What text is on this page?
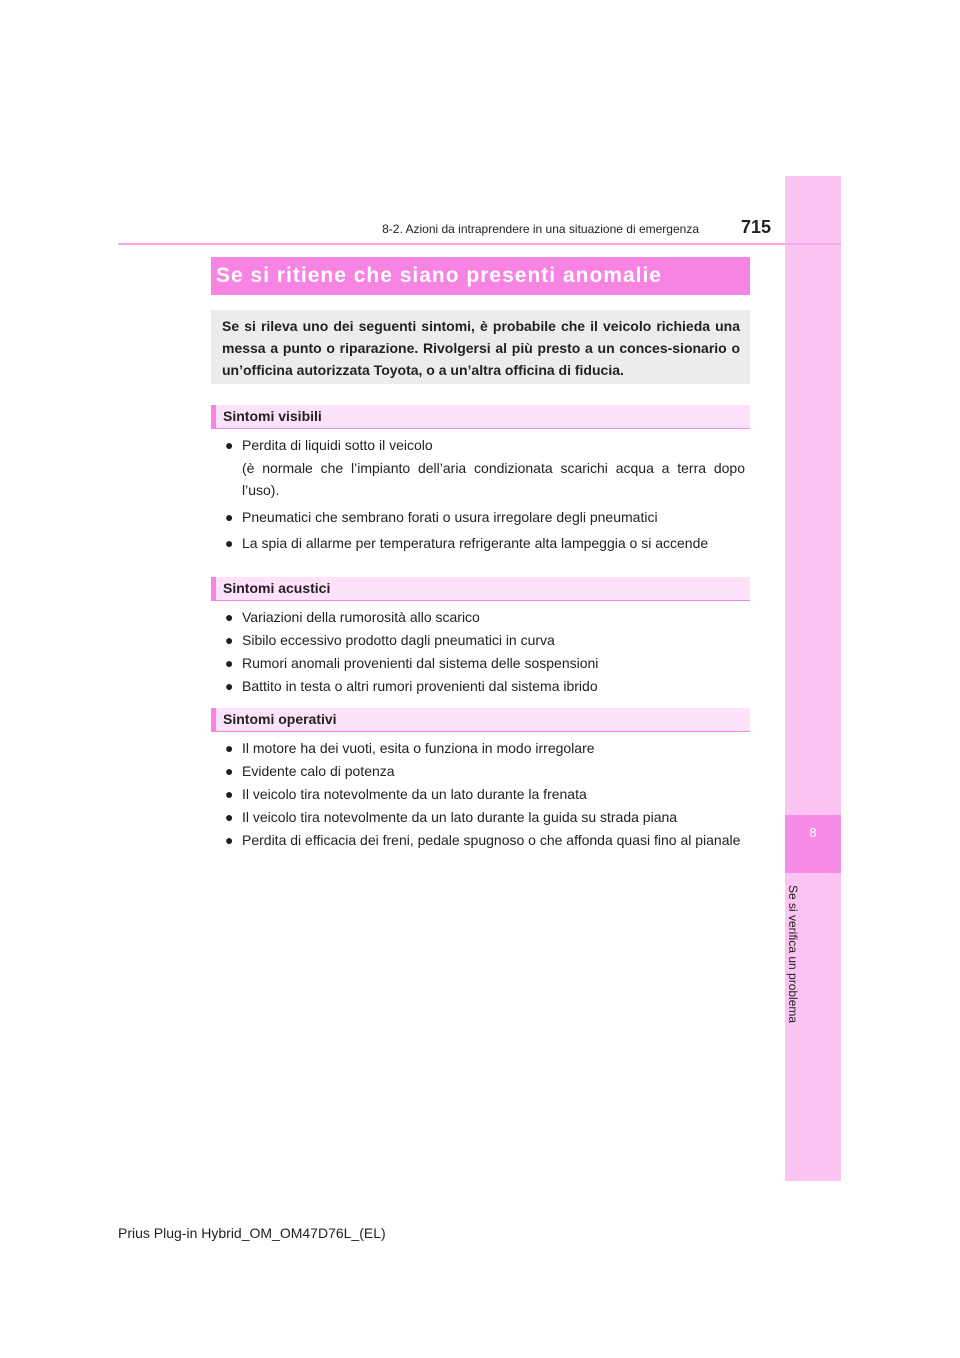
8
Se si verifica un problema
8-2. Azioni da intraprendere in una situazione di emergenza 715
Se si ritiene che siano presenti anomalie
Se si rileva uno dei seguenti sintomi, è probabile che il veicolo richieda una messa a punto o riparazione. Rivolgersi al più presto a un conces-sionario o un’officina autorizzata Toyota, o a un’altra officina di fiducia.
Sintomi visibili
● Perdita di liquidi sotto il veicolo
(è normale che l’impianto dell’aria condizionata scarichi acqua a terra dopo l’uso).
● Pneumatici che sembrano forati o usura irregolare degli pneumatici
● La spia di allarme per temperatura refrigerante alta lampeggia o si accende
Sintomi acustici
● Variazioni della rumorosità allo scarico
● Sibilo eccessivo prodotto dagli pneumatici in curva
● Rumori anomali provenienti dal sistema delle sospensioni
● Battito in testa o altri rumori provenienti dal sistema ibrido
Sintomi operativi
● Il motore ha dei vuoti, esita o funziona in modo irregolare
● Evidente calo di potenza
● Il veicolo tira notevolmente da un lato durante la frenata
● Il veicolo tira notevolmente da un lato durante la guida su strada piana
● Perdita di efficacia dei freni, pedale spugnoso o che affonda quasi fino al pianale
Prius Plug-in Hybrid_OM_OM47D76L_(EL)
